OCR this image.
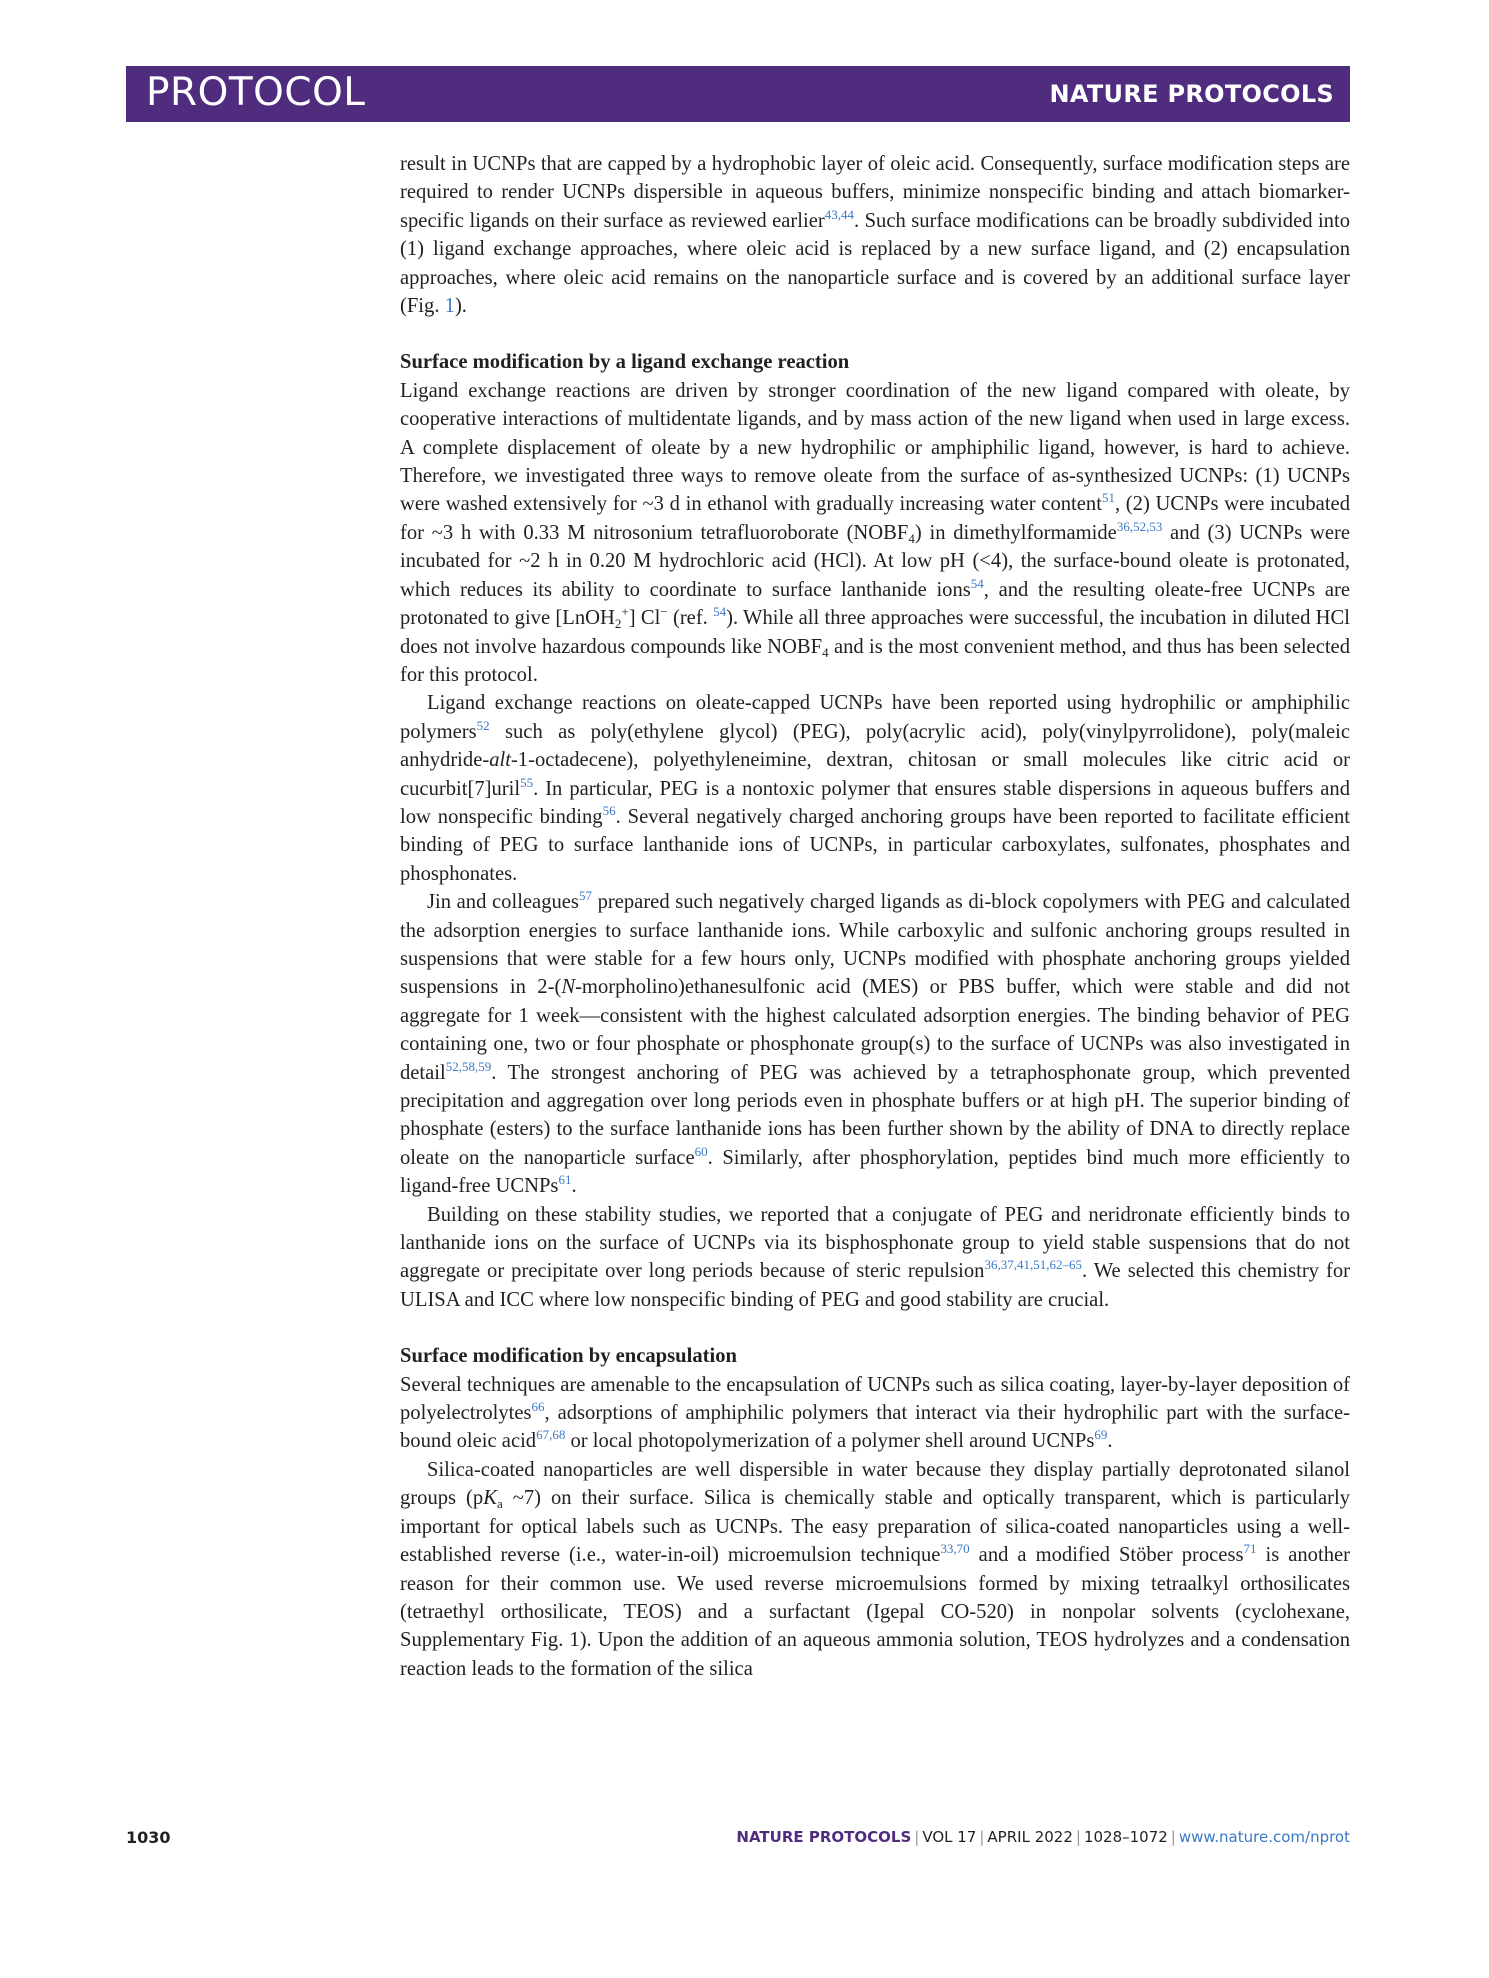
PROTOCOL	NATURE PROTOCOLS

result in UCNPs that are capped by a hydrophobic layer of oleic acid. Consequently, surface modification steps are required to render UCNPs dispersible in aqueous buffers, minimize nonspecific binding and attach biomarker-specific ligands on their surface as reviewed earlier$^{43,44}$. Such surface modifications can be broadly subdivided into (1) ligand exchange approaches, where oleic acid is replaced by a new surface ligand, and (2) encapsulation approaches, where oleic acid remains on the nanoparticle surface and is covered by an additional surface layer (Fig. 1).

Surface modification by a ligand exchange reaction

Ligand exchange reactions are driven by stronger coordination of the new ligand compared with oleate, by cooperative interactions of multidentate ligands, and by mass action of the new ligand when used in large excess. A complete displacement of oleate by a new hydrophilic or amphiphilic ligand, however, is hard to achieve. Therefore, we investigated three ways to remove oleate from the surface of as-synthesized UCNPs: (1) UCNPs were washed extensively for ~3 d in ethanol with gradually increasing water content$^{51}$, (2) UCNPs were incubated for ~3 h with 0.33 M nitrosonium tetrafluoroborate $(NOBF_4)$ in dimethylformamide$^{36,52,53}$ and (3) UCNPs were incubated for ~2 h in 0.20 M hydrochloric acid (HCl). At low pH (<4), the surface-bound oleate is protonated, which reduces its ability to coordinate to surface lanthanide ions$^{54}$, and the resulting oleate-free UCNPs are protonated to give [LnOH$_2$+] Cl− (ref. $^{54}$). While all three approaches were successful, the incubation in diluted HCl does not involve hazardous compounds like $NOBF_4$ and is the most convenient method, and thus has been selected for this protocol.

Ligand exchange reactions on oleate-capped UCNPs have been reported using hydrophilic or amphiphilic polymers$^{52}$ such as poly(ethylene glycol) (PEG), poly(acrylic acid), poly(vinylpyrrolidone), poly(maleic anhydride-alt-1-octadecene), polyethyleneimine, dextran, chitosan or small molecules like citric acid or cucurbit[7]uril$^{55}$. In particular, PEG is a nontoxic polymer that ensures stable dispersions in aqueous buffers and low nonspecific binding$^{56}$. Several negatively charged anchoring groups have been reported to facilitate efficient binding of PEG to surface lanthanide ions of UCNPs, in particular carboxylates, sulfonates, phosphates and phosphonates.

Jin and colleagues$^{57}$ prepared such negatively charged ligands as di-block copolymers with PEG and calculated the adsorption energies to surface lanthanide ions. While carboxylic and sulfonic anchoring groups resulted in suspensions that were stable for a few hours only, UCNPs modified with phosphate anchoring groups yielded suspensions in 2-(N-morpholino)ethanesulfonic acid (MES) or PBS buffer, which were stable and did not aggregate for 1 week—consistent with the highest calculated adsorption energies. The binding behavior of PEG containing one, two or four phosphate or phosphonate group(s) to the surface of UCNPs was also investigated in detail$^{52,58,59}$. The strongest anchoring of PEG was achieved by a tetraphosphonate group, which prevented precipitation and aggregation over long periods even in phosphate buffers or at high pH. The superior binding of phosphate (esters) to the surface lanthanide ions has been further shown by the ability of DNA to directly replace oleate on the nanoparticle surface$^{60}$. Similarly, after phosphorylation, peptides bind much more efficiently to ligand-free UCNPs$^{61}$.

Building on these stability studies, we reported that a conjugate of PEG and neridronate efficiently binds to lanthanide ions on the surface of UCNPs via its bisphosphonate group to yield stable suspensions that do not aggregate or precipitate over long periods because of steric repulsion$^{36,37,41,51,62-65}$. We selected this chemistry for ULISA and ICC where low nonspecific binding of PEG and good stability are crucial.

Surface modification by encapsulation

Several techniques are amenable to the encapsulation of UCNPs such as silica coating, layer-by-layer deposition of polyelectrolytes$^{66}$, adsorptions of amphiphilic polymers that interact via their hydrophilic part with the surface-bound oleic acid$^{67,68}$ or local photopolymerization of a polymer shell around UCNPs$^{69}$.

Silica-coated nanoparticles are well dispersible in water because they display partially deprotonated silanol groups ($pK_a$ ~7) on their surface. Silica is chemically stable and optically transparent, which is particularly important for optical labels such as UCNPs. The easy preparation of silica-coated nanoparticles using a well-established reverse (i.e., water-in-oil) microemulsion technique$^{33,70}$ and a modified Stöber process$^{71}$ is another reason for their common use. We used reverse microemulsions formed by mixing tetraalkyl orthosilicates (tetraethyl orthosilicate, TEOS) and a surfactant (Igepal CO-520) in nonpolar solvents (cyclohexane, Supplementary Fig. 1). Upon the addition of an aqueous ammonia solution, TEOS hydrolyzes and a condensation reaction leads to the formation of the silica

1030	NATURE PROTOCOLS | VOL 17 | APRIL 2022 | 1028–1072 | www.nature.com/nprot
